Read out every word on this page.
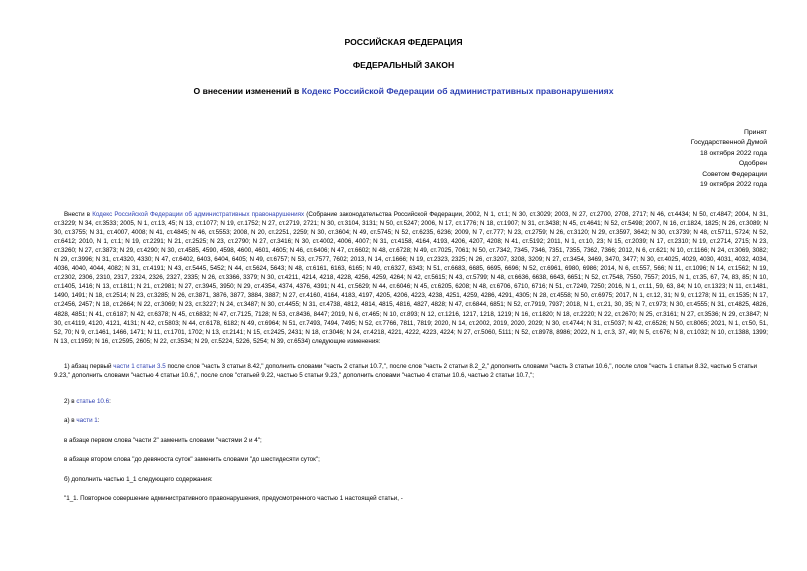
РОССИЙСКАЯ ФЕДЕРАЦИЯ
ФЕДЕРАЛЬНЫЙ ЗАКОН
О внесении изменений в Кодекс Российской Федерации об административных правонарушениях
Принят
Государственной Думой
18 октября 2022 года
Одобрен
Советом Федерации
19 октября 2022 года

Внести в Кодекс Российской Федерации об административных правонарушениях (Собрание законодательства Российской Федерации, 2002, N 1, ст.1; N 30, ст.3029; 2003, N 27, ст.2700, 2708, 2717; N 46, ст.4434; N 50, ст.4847; 2004, N 31, ст.3229; N 34, ст.3533; 2005, N 1, ст.13, 45; N 13, ст.1077; N 19, ст.1752; N 27, ст.2719, 2721; N 30, ст.3104, 3131; N 50, ст.5247; 2006, N 17, ст.1776; N 18, ст.1907; N 31, ст.3438; N 45, ст.4641; N 52, ст.5498; 2007, N 16, ст.1824, 1825; N 26, ст.3089; N 30, ст.3755; N 31, ст.4007, 4008; N 41, ст.4845; N 46, ст.5553; 2008, N 20, ст.2251, 2259; N 30, ст.3604; N 49, ст.5745; N 52, ст.6235, 6236; 2009, N 7, ст.777; N 23, ст.2759; N 26, ст.3120; N 29, ст.3597, 3642; N 30, ст.3739; N 48, ст.5711, 5724; N 52, ст.6412; 2010, N 1, ст.1; N 19, ст.2291; N 21, ст.2525; N 23, ст.2790; N 27, ст.3416; N 30, ст.4002, 4006, 4007; N 31, ст.4158, 4164, 4193, 4206, 4207, 4208; N 41, ст.5192; 2011, N 1, ст.10, 23; N 15, ст.2039; N 17, ст.2310; N 19, ст.2714, 2715; N 23, ст.3260; N 27, ст.3873; N 29, ст.4290; N 30, ст.4585, 4590, 4598, 4600, 4601, 4605; N 46, ст.6406; N 47, ст.6602; N 48, ст.6728; N 49, ст.7025, 7061; N 50, ст.7342, 7345, 7346, 7351, 7355, 7362, 7366; 2012, N 6, ст.621; N 10, ст.1166; N 24, ст.3069, 3082; N 29, ст.3996; N 31, ст.4320, 4330; N 47, ст.6402, 6403, 6404, 6405; N 49, ст.6757; N 53, ст.7577, 7602; 2013, N 14, ст.1666; N 19, ст.2323, 2325; N 26, ст.3207, 3208, 3209; N 27, ст.3454, 3469, 3470, 3477; N 30, ст.4025, 4029, 4030, 4031, 4032, 4034, 4036, 4040, 4044, 4082; N 31, ст.4191; N 43, ст.5445, 5452; N 44, ст.5624, 5643; N 48, ст.6161, 6163, 6165; N 49, ст.6327, 6343; N 51, ст.6683, 6685, 6695, 6696; N 52, ст.6961, 6980, 6986; 2014, N 6, ст.557, 566; N 11, ст.1096; N 14, ст.1562; N 19, ст.2302, 2306, 2310, 2317, 2324, 2326, 2327, 2335; N 26, ст.3366, 3379; N 30, ст.4211, 4214, 4218, 4228, 4256, 4259, 4264; N 42, ст.5615; N 43, ст.5799; N 48, ст.6636, 6638, 6643, 6651; N 52, ст.7548, 7550, 7557; 2015, N 1, ст.35, 67, 74, 83, 85; N 10, ст.1405, 1416; N 13, ст.1811; N 21, ст.2981; N 27, ст.3945, 3950; N 29, ст.4354, 4374, 4376, 4391; N 41, ст.5629; N 44, ст.6046; N 45, ст.6205, 6208; N 48, ст.6706, 6710, 6716; N 51, ст.7249, 7250; 2016, N 1, ст.11, 59, 63, 84; N 10, ст.1323; N 11, ст.1481, 1490, 1491; N 18, ст.2514; N 23, ст.3285; N 26, ст.3871, 3876, 3877, 3884, 3887; N 27, ст.4160, 4164, 4183, 4197, 4205, 4206, 4223, 4238, 4251, 4259, 4286, 4291, 4305; N 28, ст.4558; N 50, ст.6975; 2017, N 1, ст.12, 31; N 9, ст.1278; N 11, ст.1535; N 17, ст.2456, 2457; N 18, ст.2664; N 22, ст.3069; N 23, ст.3227; N 24, ст.3487; N 30, ст.4455; N 31, ст.4738, 4812, 4814, 4815, 4816, 4827, 4828; N 47, ст.6844, 6851; N 52, ст.7919, 7937; 2018, N 1, ст.21, 30, 35; N 7, ст.973; N 30, ст.4555; N 31, ст.4825, 4826, 4828, 4851; N 41, ст.6187; N 42, ст.6378; N 45, ст.6832; N 47, ст.7125, 7128; N 53, ст.8436, 8447; 2019, N 6, ст.465; N 10, ст.893; N 12, ст.1216, 1217, 1218, 1219; N 16, ст.1820; N 18, ст.2220; N 22, ст.2670; N 25, ст.3161; N 27, ст.3536; N 29, ст.3847; N 30, ст.4119, 4120, 4121, 4131; N 42, ст.5803; N 44, ст.6178, 6182; N 49, ст.6964; N 51, ст.7493, 7494, 7495; N 52, ст.7766, 7811, 7819; 2020, N 14, ст.2002, 2019, 2020, 2029; N 30, ст.4744; N 31, ст.5037; N 42, ст.6526; N 50, ст.8065; 2021, N 1, ст.50, 51, 52, 70; N 9, ст.1461, 1466, 1471; N 11, ст.1701, 1702; N 13, ст.2141; N 15, ст.2425, 2431; N 18, ст.3046; N 24, ст.4218, 4221, 4222, 4223, 4224; N 27, ст.5060, 5111; N 52, ст.8978, 8986; 2022, N 1, ст.3, 37, 49; N 5, ст.676; N 8, ст.1032; N 10, ст.1388, 1399; N 13, ст.1959; N 16, ст.2595, 2605; N 22, ст.3534; N 29, ст.5224, 5226, 5254; N 39, ст.6534) следующие изменения:

1) абзац первый части 1 статьи 3.5 после слов "часть 3 статьи 8.42," дополнить словами "часть 2 статьи 10.7,", после слов "часть 2 статьи 8.2_2," дополнить словами "часть 3 статьи 10.6,", после слов "часть 1 статьи 8.32, частью 5 статьи 9.23," дополнить словами "частью 4 статьи 10.6,", после слов "статьей 9.22, частью 5 статьи 9.23," дополнить словами "частью 4 статьи 10.6, частью 2 статьи 10.7,";

2) в статье 10.6:

а) в части 1:

в абзаце первом слова "части 2" заменить словами "частями 2 и 4";

в абзаце втором слова "до девяноста суток" заменить словами "до шестидесяти суток";

б) дополнить частью 1_1 следующего содержания:

"1_1. Повторное совершение административного правонарушения, предусмотренного частью 1 настоящей статьи, -
